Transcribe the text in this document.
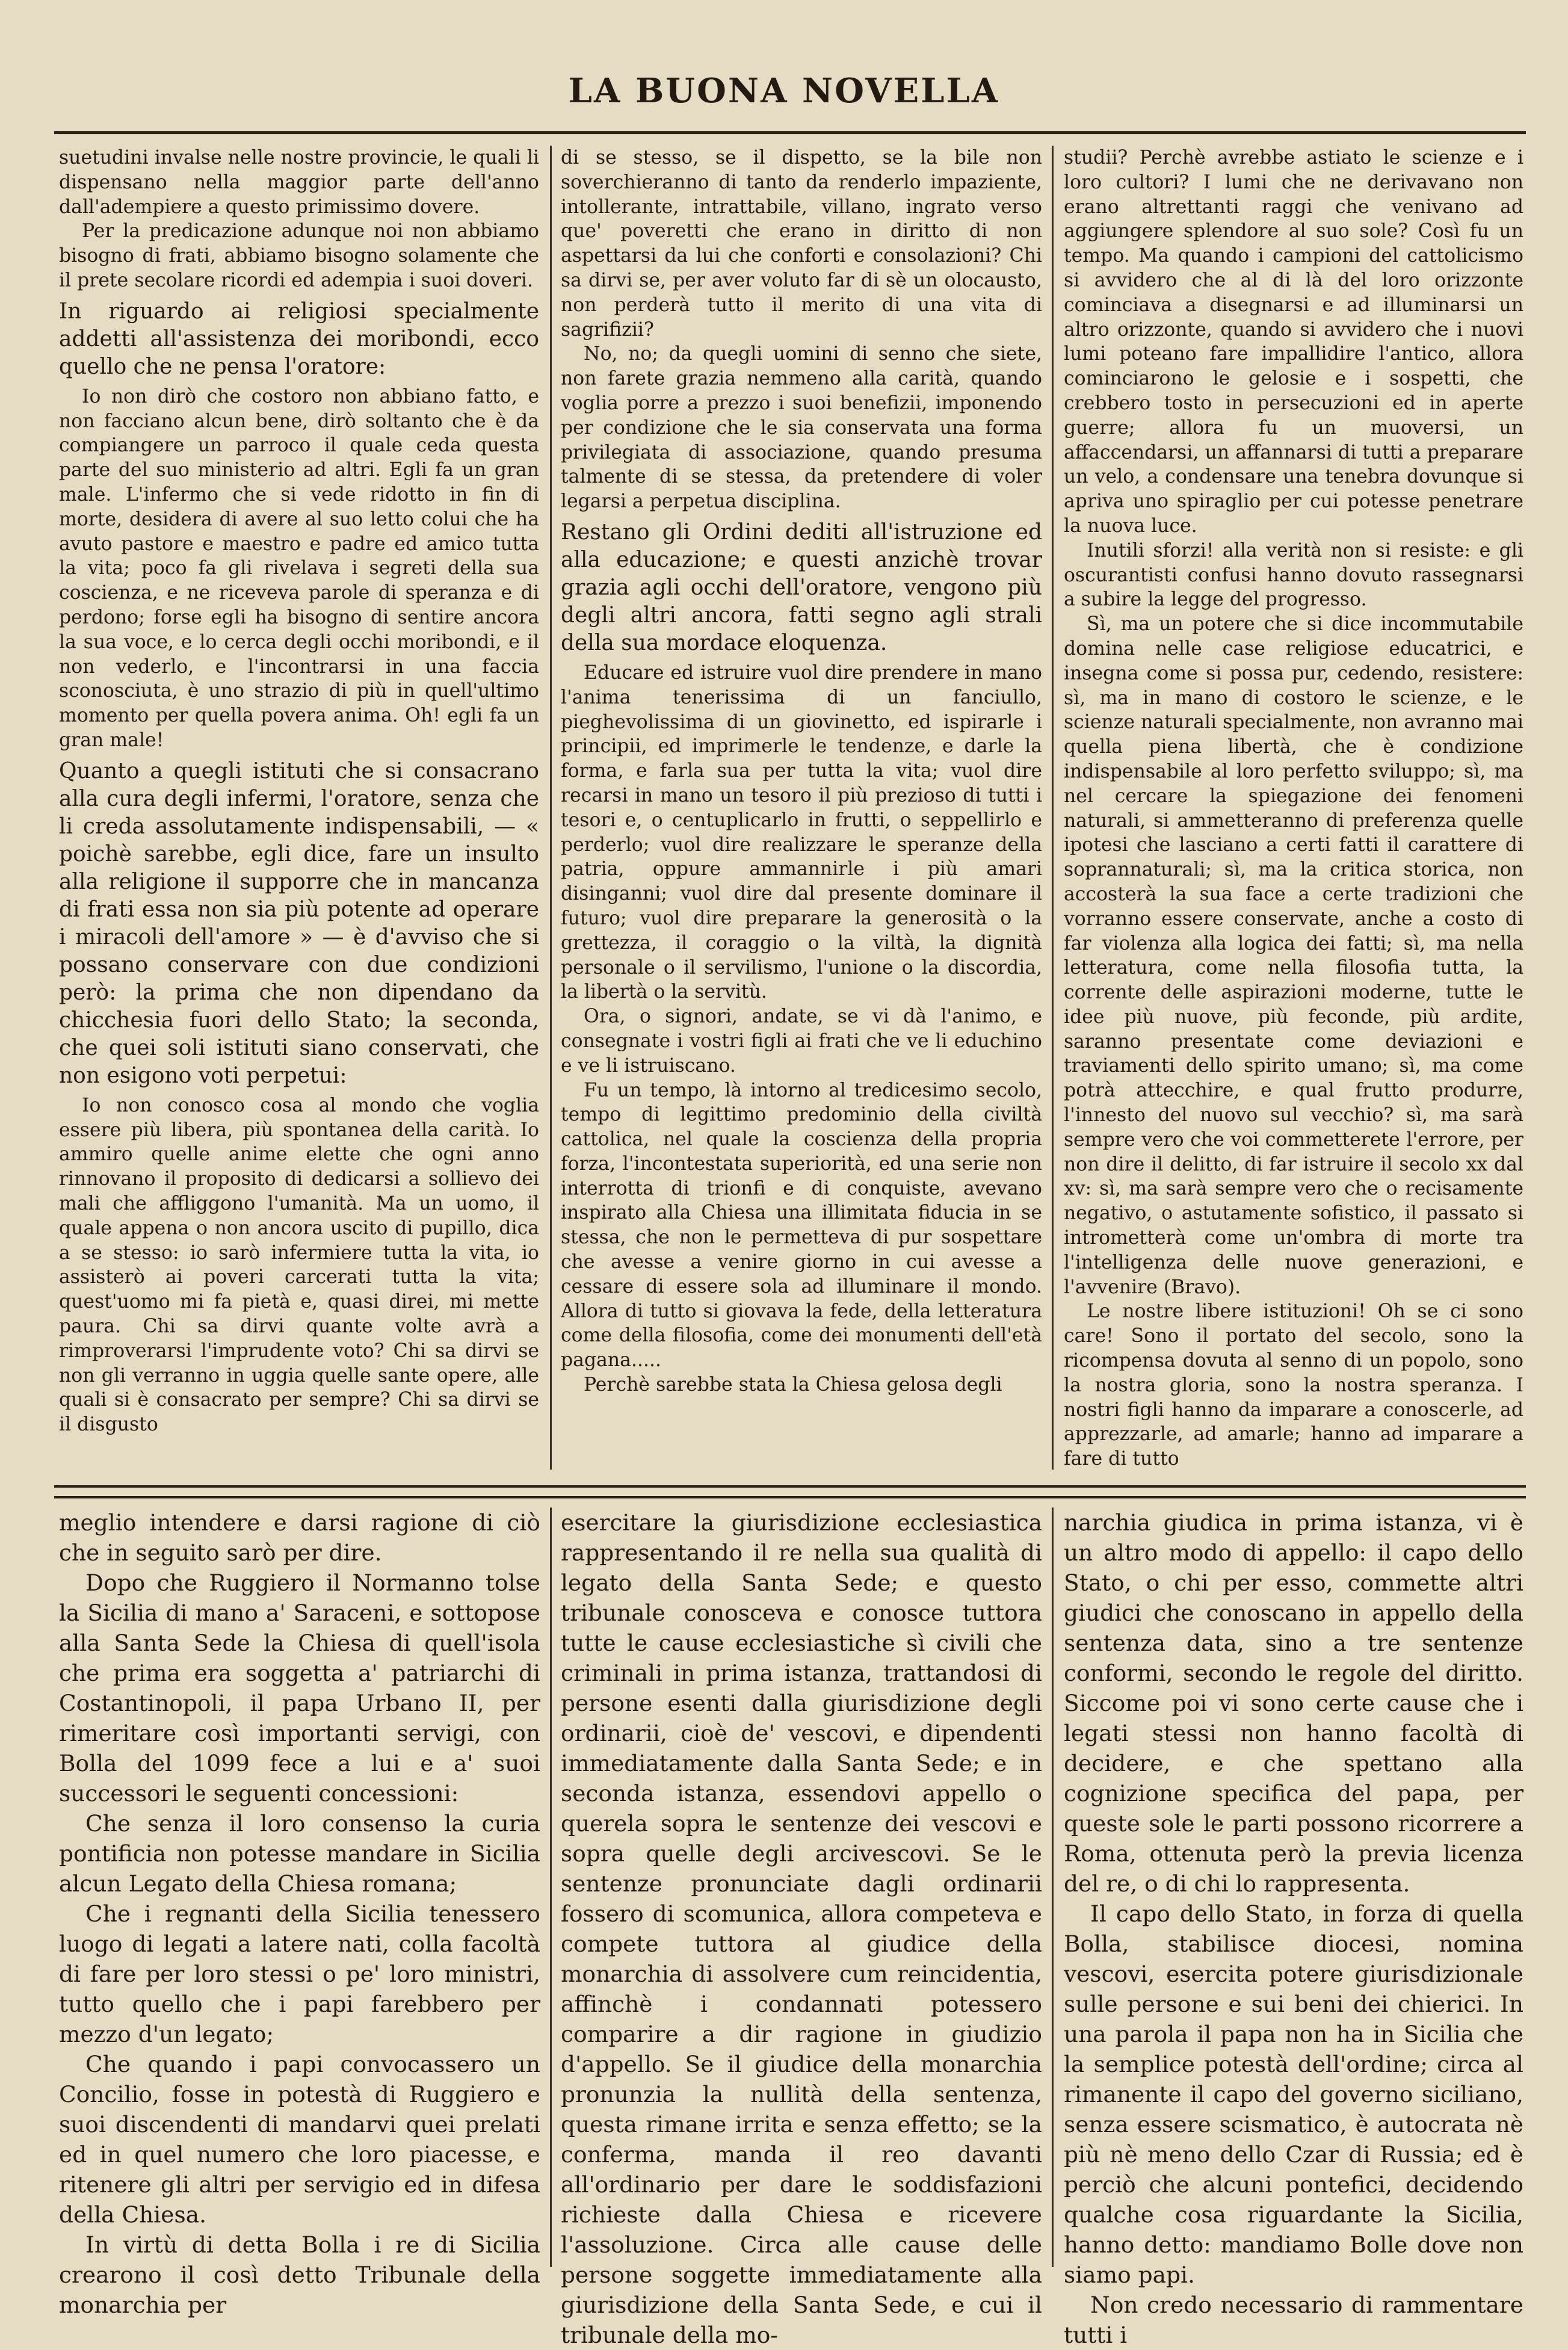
LA BUONA NOVELLA

suetudini invalse nelle nostre provincie, le quali li dispensano nella maggior parte dell'anno dall'adempiere a questo primissimo dovere.

Per la predicazione adunque noi non abbiamo bisogno di frati, abbiamo bisogno solamente che il prete secolare ricordi ed adempia i suoi doveri.

In riguardo ai religiosi specialmente addetti all'assistenza dei moribondi, ecco quello che ne pensa l'oratore:

Io non dirò che costoro non abbiano fatto, e non facciano alcun bene, dirò soltanto che è da compiangere un parroco il quale ceda questa parte del suo ministerio ad altri. Egli fa un gran male. L'infermo che si vede ridotto in fin di morte, desidera di avere al suo letto colui che ha avuto pastore e maestro e padre ed amico tutta la vita; poco fa gli rivelava i segreti della sua coscienza, e ne riceveva parole di speranza e di perdono; forse egli ha bisogno di sentire ancora la sua voce, e lo cerca degli occhi moribondi, e il non vederlo, e l'incontrarsi in una faccia sconosciuta, è uno strazio di più in quell'ultimo momento per quella povera anima. Oh! egli fa un gran male!

Quanto a quegli istituti che si consacrano alla cura degli infermi, l'oratore, senza che li creda assolutamente indispensabili, — « poichè sarebbe, egli dice, fare un insulto alla religione il supporre che in mancanza di frati essa non sia più potente ad operare i miracoli dell'amore » — è d'avviso che si possano conservare con due condizioni però: la prima che non dipendano da chicchesia fuori dello Stato; la seconda, che quei soli istituti siano conservati, che non esigono voti perpetui:

Io non conosco cosa al mondo che voglia essere più libera, più spontanea della carità. Io ammiro quelle anime elette che ogni anno rinnovano il proposito di dedicarsi a sollievo dei mali che affliggono l'umanità. Ma un uomo, il quale appena o non ancora uscito di pupillo, dica a se stesso: io sarò infermiere tutta la vita, io assisterò ai poveri carcerati tutta la vita; quest'uomo mi fa pietà e, quasi direi, mi mette paura. Chi sa dirvi quante volte avrà a rimproverarsi l'imprudente voto? Chi sa dirvi se non gli verranno in uggia quelle sante opere, alle quali si è consacrato per sempre? Chi sa dirvi se il disgusto

di se stesso, se il dispetto, se la bile non soverchieranno di tanto da renderlo impaziente, intollerante, intrattabile, villano, ingrato verso que' poveretti che erano in diritto di non aspettarsi da lui che conforti e consolazioni? Chi sa dirvi se, per aver voluto far di sè un olocausto, non perderà tutto il merito di una vita di sagrifizii?

No, no; da quegli uomini di senno che siete, non farete grazia nemmeno alla carità, quando voglia porre a prezzo i suoi benefizii, imponendo per condizione che le sia conservata una forma privilegiata di associazione, quando presuma talmente di se stessa, da pretendere di voler legarsi a perpetua disciplina.

Restano gli Ordini dediti all'istruzione ed alla educazione; e questi anzichè trovar grazia agli occhi dell'oratore, vengono più degli altri ancora, fatti segno agli strali della sua mordace eloquenza.

Educare ed istruire vuol dire prendere in mano l'anima tenerissima di un fanciullo, pieghevolissima di un giovinetto, ed ispirarle i principii, ed imprimerle le tendenze, e darle la forma, e farla sua per tutta la vita; vuol dire recarsi in mano un tesoro il più prezioso di tutti i tesori e, o centuplicarlo in frutti, o seppellirlo e perderlo; vuol dire realizzare le speranze della patria, oppure ammannirle i più amari disinganni; vuol dire dal presente dominare il futuro; vuol dire preparare la generosità o la grettezza, il coraggio o la viltà, la dignità personale o il servilismo, l'unione o la discordia, la libertà o la servitù.

Ora, o signori, andate, se vi dà l'animo, e consegnate i vostri figli ai frati che ve li educhino e ve li istruiscano.

Fu un tempo, là intorno al tredicesimo secolo, tempo di legittimo predominio della civiltà cattolica, nel quale la coscienza della propria forza, l'incontestata superiorità, ed una serie non interrotta di trionfi e di conquiste, avevano inspirato alla Chiesa una illimitata fiducia in se stessa, che non le permetteva di pur sospettare che avesse a venire giorno in cui avesse a cessare di essere sola ad illuminare il mondo. Allora di tutto si giovava la fede, della letteratura come della filosofia, come dei monumenti dell'età pagana.....

Perchè sarebbe stata la Chiesa gelosa degli

studii? Perchè avrebbe astiato le scienze e i loro cultori? I lumi che ne derivavano non erano altrettanti raggi che venivano ad aggiungere splendore al suo sole? Così fu un tempo. Ma quando i campioni del cattolicismo si avvidero che al di là del loro orizzonte cominciava a disegnarsi e ad illuminarsi un altro orizzonte, quando si avvidero che i nuovi lumi poteano fare impallidire l'antico, allora cominciarono le gelosie e i sospetti, che crebbero tosto in persecuzioni ed in aperte guerre; allora fu un muoversi, un affaccendarsi, un affannarsi di tutti a preparare un velo, a condensare una tenebra dovunque si apriva uno spiraglio per cui potesse penetrare la nuova luce.

Inutili sforzi! alla verità non si resiste: e gli oscurantisti confusi hanno dovuto rassegnarsi a subire la legge del progresso.

Sì, ma un potere che si dice incommutabile domina nelle case religiose educatrici, e insegna come si possa pur, cedendo, resistere: sì, ma in mano di costoro le scienze, e le scienze naturali specialmente, non avranno mai quella piena libertà, che è condizione indispensabile al loro perfetto sviluppo; sì, ma nel cercare la spiegazione dei fenomeni naturali, si ammetteranno di preferenza quelle ipotesi che lasciano a certi fatti il carattere di soprannaturali; sì, ma la critica storica, non accosterà la sua face a certe tradizioni che vorranno essere conservate, anche a costo di far violenza alla logica dei fatti; sì, ma nella letteratura, come nella filosofia tutta, la corrente delle aspirazioni moderne, tutte le idee più nuove, più feconde, più ardite, saranno presentate come deviazioni e traviamenti dello spirito umano; sì, ma come potrà attecchire, e qual frutto produrre, l'innesto del nuovo sul vecchio? sì, ma sarà sempre vero che voi commetterete l'errore, per non dire il delitto, di far istruire il secolo xx dal xv: sì, ma sarà sempre vero che o recisamente negativo, o astutamente sofistico, il passato si intrometterà come un'ombra di morte tra l'intelligenza delle nuove generazioni, e l'avvenire (Bravo).

Le nostre libere istituzioni! Oh se ci sono care! Sono il portato del secolo, sono la ricompensa dovuta al senno di un popolo, sono la nostra gloria, sono la nostra speranza. I nostri figli hanno da imparare a conoscerle, ad apprezzarle, ad amarle; hanno ad imparare a fare di tutto

meglio intendere e darsi ragione di ciò che in seguito sarò per dire.

Dopo che Ruggiero il Normanno tolse la Sicilia di mano a' Saraceni, e sottopose alla Santa Sede la Chiesa di quell'isola che prima era soggetta a' patriarchi di Costantinopoli, il papa Urbano II, per rimeritare così importanti servigi, con Bolla del 1099 fece a lui e a' suoi successori le seguenti concessioni:

Che senza il loro consenso la curia pontificia non potesse mandare in Sicilia alcun Legato della Chiesa romana;

Che i regnanti della Sicilia tenessero luogo di legati a latere nati, colla facoltà di fare per loro stessi o pe' loro ministri, tutto quello che i papi farebbero per mezzo d'un legato;

Che quando i papi convocassero un Concilio, fosse in potestà di Ruggiero e suoi discendenti di mandarvi quei prelati ed in quel numero che loro piacesse, e ritenere gli altri per servigio ed in difesa della Chiesa.

In virtù di detta Bolla i re di Sicilia crearono il così detto Tribunale della monarchia per

esercitare la giurisdizione ecclesiastica rappresentando il re nella sua qualità di legato della Santa Sede; e questo tribunale conosceva e conosce tuttora tutte le cause ecclesiastiche sì civili che criminali in prima istanza, trattandosi di persone esenti dalla giurisdizione degli ordinarii, cioè de' vescovi, e dipendenti immediatamente dalla Santa Sede; e in seconda istanza, essendovi appello o querela sopra le sentenze dei vescovi e sopra quelle degli arcivescovi. Se le sentenze pronunciate dagli ordinarii fossero di scomunica, allora competeva e compete tuttora al giudice della monarchia di assolvere cum reincidentia, affinchè i condannati potessero comparire a dir ragione in giudizio d'appello. Se il giudice della monarchia pronunzia la nullità della sentenza, questa rimane irrita e senza effetto; se la conferma, manda il reo davanti all'ordinario per dare le soddisfazioni richieste dalla Chiesa e ricevere l'assoluzione. Circa alle cause delle persone soggette immediatamente alla giurisdizione della Santa Sede, e cui il tribunale della mo-

narchia giudica in prima istanza, vi è un altro modo di appello: il capo dello Stato, o chi per esso, commette altri giudici che conoscano in appello della sentenza data, sino a tre sentenze conformi, secondo le regole del diritto. Siccome poi vi sono certe cause che i legati stessi non hanno facoltà di decidere, e che spettano alla cognizione specifica del papa, per queste sole le parti possono ricorrere a Roma, ottenuta però la previa licenza del re, o di chi lo rappresenta.

Il capo dello Stato, in forza di quella Bolla, stabilisce diocesi, nomina vescovi, esercita potere giurisdizionale sulle persone e sui beni dei chierici. In una parola il papa non ha in Sicilia che la semplice potestà dell'ordine; circa al rimanente il capo del governo siciliano, senza essere scismatico, è autocrata nè più nè meno dello Czar di Russia; ed è perciò che alcuni pontefici, decidendo qualche cosa riguardante la Sicilia, hanno detto: mandiamo Bolle dove non siamo papi.

Non credo necessario di rammentare tutti i
